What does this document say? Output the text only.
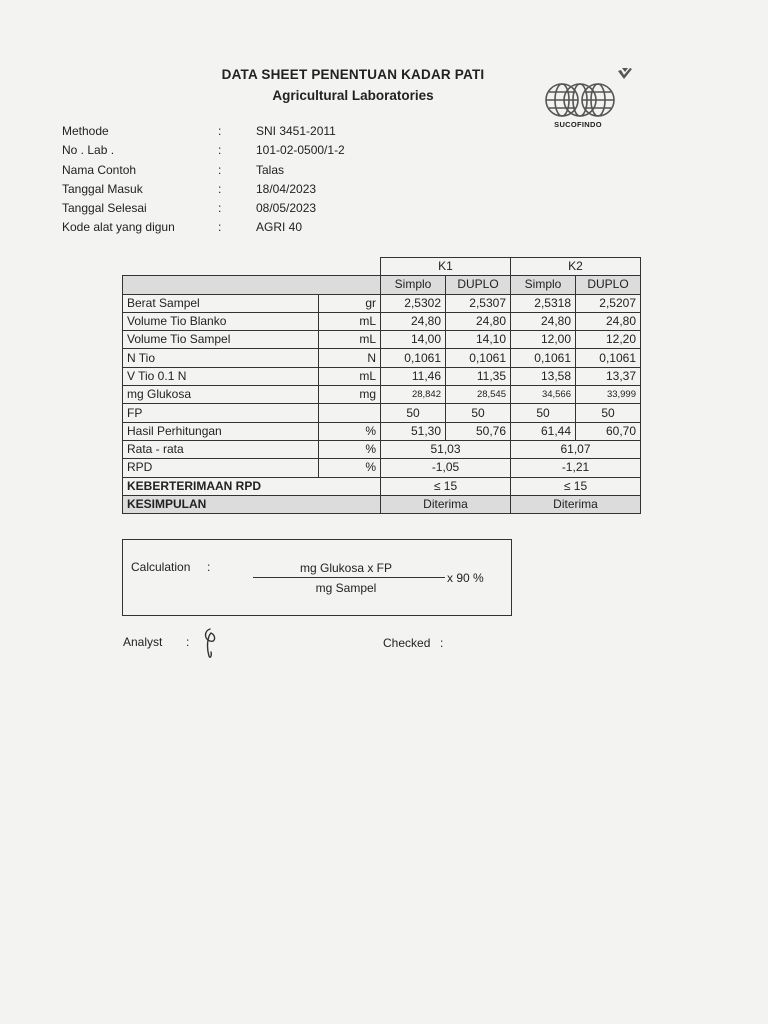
DATA SHEET PENENTUAN KADAR PATI
Agricultural Laboratories
SUCOFINDO
Methode	:	SNI 3451-2011
No . Lab .	:	101-02-0500/1-2
Nama Contoh	:	Talas
Tanggal Masuk	:	18/04/2023
Tanggal Selesai	:	08/05/2023
Kode alat yang digun	:	AGRI 40
		K1		K2	
		Simplo	DUPLO	Simplo	DUPLO
Berat Sampel	gr	2,5302	2,5307	2,5318	2,5207
Volume Tio Blanko	mL	24,80	24,80	24,80	24,80
Volume Tio Sampel	mL	14,00	14,10	12,00	12,20
N Tio	N	0,1061	0,1061	0,1061	0,1061
V Tio 0.1 N	mL	11,46	11,35	13,58	13,37
mg Glukosa	mg	28,842	28,545	34,566	33,999
FP		50	50	50	50
Hasil Perhitungan	%	51,30	50,76	61,44	60,70
Rata - rata	%	51,03		61,07	
RPD	%	-1,05		-1,21	
KEBERTERIMAAN RPD		≤ 15		≤ 15	
KESIMPULAN		Diterima		Diterima	
Calculation :	mg Glukosa x FP
mg Sampel
x 90 %
Analyst :	Checked :
